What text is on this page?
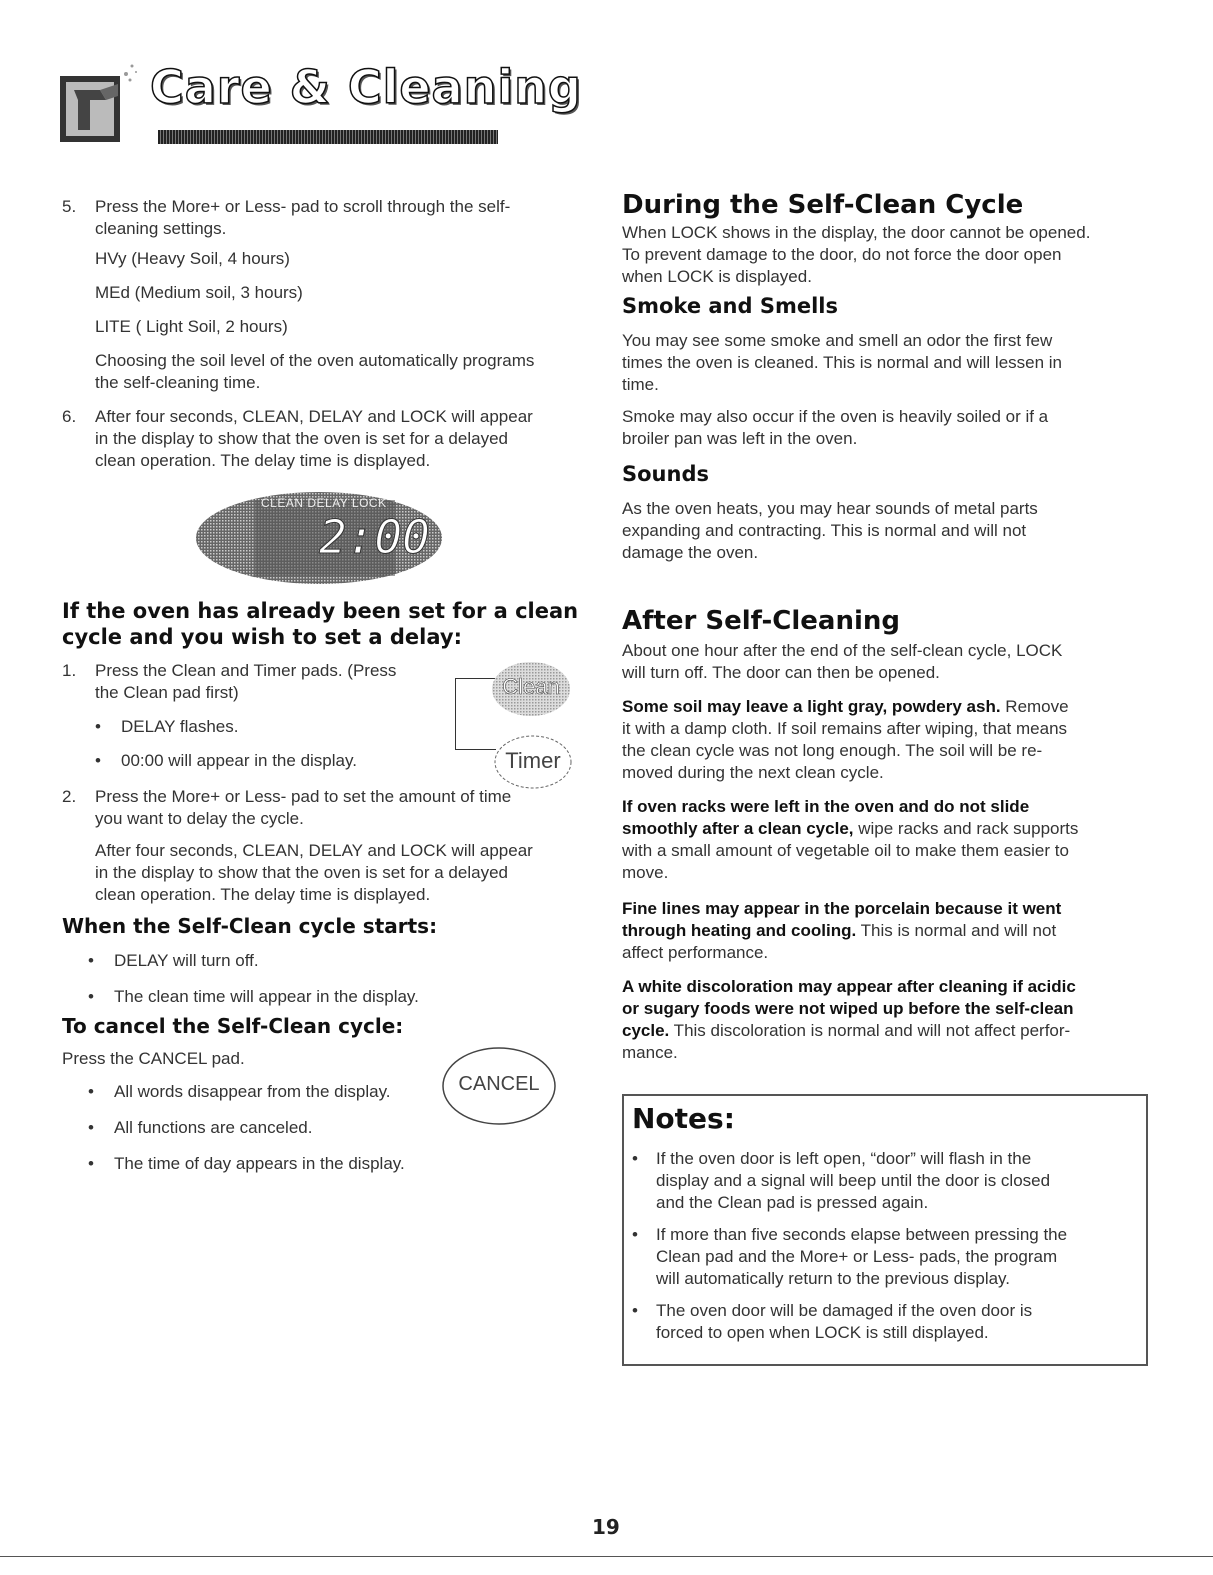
Care & Cleaning
5. Press the More+ or Less- pad to scroll through the self-

cleaning settings.

HVy (Heavy Soil, 4 hours)

MEd (Medium soil, 3 hours)

LITE ( Light Soil, 2 hours)

Choosing the soil level of the oven automatically programs

the self-cleaning time.

6. After four seconds, CLEAN, DELAY and LOCK will appear

in the display to show that the oven is set for a delayed

clean operation. The delay time is displayed.

CLEAN DELAY LOCK
2:00
If the oven has already been set for a clean
cycle and you wish to set a delay:
1. Press the Clean and Timer pads. (Press

the Clean pad first)

• DELAY flashes.
• 00:00 will appear in the display.
Clean
Timer
2. Press the More+ or Less- pad to set the amount of time

you want to delay the cycle.

After four seconds, CLEAN, DELAY and LOCK will appear

in the display to show that the oven is set for a delayed

clean operation. The delay time is displayed.

When the Self-Clean cycle starts:
• DELAY will turn off.
• The clean time will appear in the display.
To cancel the Self-Clean cycle:
Press the CANCEL pad.
• All words disappear from the display.
• All functions are canceled.
• The time of day appears in the display.
CANCEL
During the Self-Clean Cycle

When LOCK shows in the display, the door cannot be opened.

To prevent damage to the door, do not force the door open

when LOCK is displayed.

Smoke and Smells

You may see some smoke and smell an odor the first few

times the oven is cleaned. This is normal and will lessen in

time.

Smoke may also occur if the oven is heavily soiled or if a

broiler pan was left in the oven.

Sounds

As the oven heats, you may hear sounds of metal parts

expanding and contracting. This is normal and will not

damage the oven.

After Self-Cleaning

About one hour after the end of the self-clean cycle, LOCK

will turn off. The door can then be opened.

Some soil may leave a light gray, powdery ash. Remove

it with a damp cloth. If soil remains after wiping, that means

the clean cycle was not long enough. The soil will be re-

moved during the next clean cycle.

If oven racks were left in the oven and do not slide

smoothly after a clean cycle, wipe racks and rack supports

with a small amount of vegetable oil to make them easier to

move.

Fine lines may appear in the porcelain because it went

through heating and cooling. This is normal and will not

affect performance.

A white discoloration may appear after cleaning if acidic

or sugary foods were not wiped up before the self-clean

cycle. This discoloration is normal and will not affect perfor-

mance.

Notes:
• If the oven door is left open, “door” will flash in the

display and a signal will beep until the door is closed

and the Clean pad is pressed again.

• If more than five seconds elapse between pressing the

Clean pad and the More+ or Less- pads, the program

will automatically return to the previous display.

• The oven door will be damaged if the oven door is

forced to open when LOCK is still displayed.

19
